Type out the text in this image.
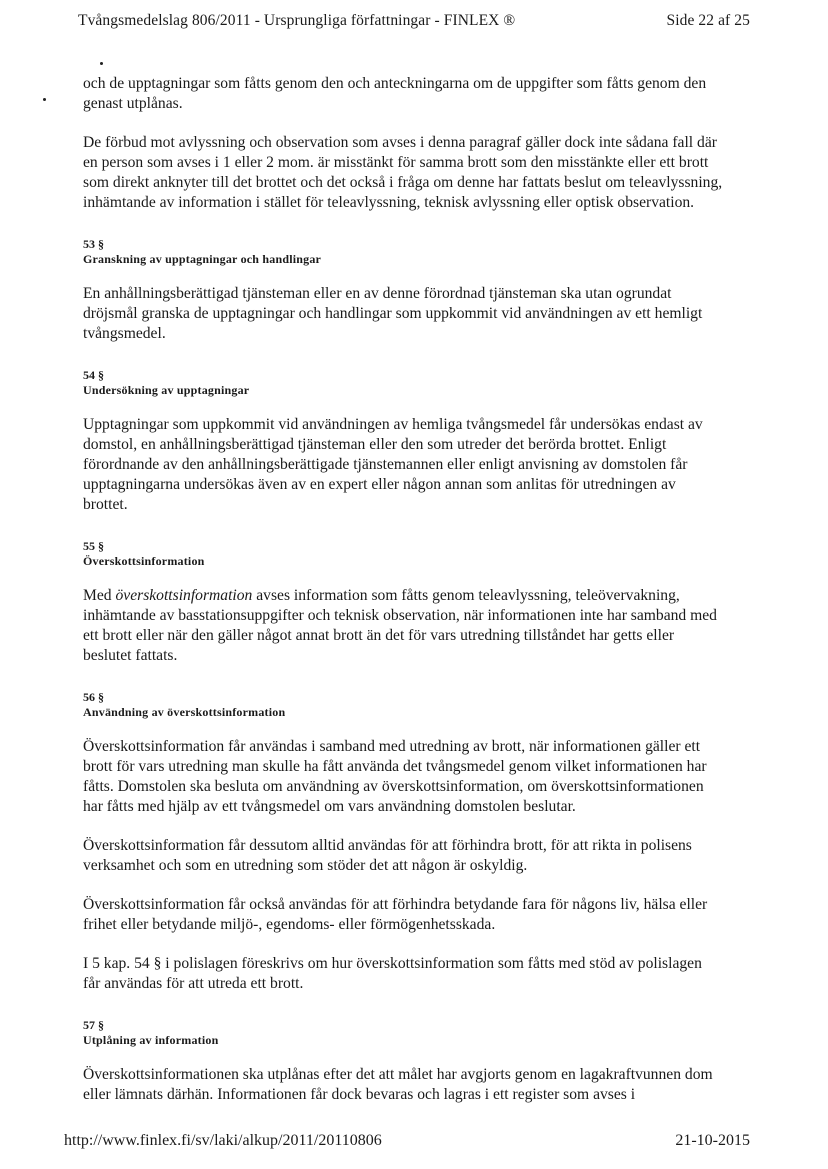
Tvångsmedelslag 806/2011 - Ursprungliga författningar - FINLEX ®	Side 22 af 25

och de upptagningar som fåtts genom den och anteckningarna om de uppgifter som fåtts genom den genast utplånas.

De förbud mot avlyssning och observation som avses i denna paragraf gäller dock inte sådana fall där en person som avses i 1 eller 2 mom. är misstänkt för samma brott som den misstänkte eller ett brott som direkt anknyter till det brottet och det också i fråga om denne har fattats beslut om teleavlyssning, inhämtande av information i stället för teleavlyssning, teknisk avlyssning eller optisk observation.

53 §
Granskning av upptagningar och handlingar

En anhållningsberättigad tjänsteman eller en av denne förordnad tjänsteman ska utan ogrundat dröjsmål granska de upptagningar och handlingar som uppkommit vid användningen av ett hemligt tvångsmedel.

54 §
Undersökning av upptagningar

Upptagningar som uppkommit vid användningen av hemliga tvångsmedel får undersökas endast av domstol, en anhållningsberättigad tjänsteman eller den som utreder det berörda brottet. Enligt förordnande av den anhållningsberättigade tjänstemannen eller enligt anvisning av domstolen får upptagningarna undersökas även av en expert eller någon annan som anlitas för utredningen av brottet.

55 §
Överskottsinformation

Med överskottsinformation avses information som fåtts genom teleavlyssning, teleövervakning, inhämtande av basstationsuppgifter och teknisk observation, när informationen inte har samband med ett brott eller när den gäller något annat brott än det för vars utredning tillståndet har getts eller beslutet fattats.

56 §
Användning av överskottsinformation

Överskottsinformation får användas i samband med utredning av brott, när informationen gäller ett brott för vars utredning man skulle ha fått använda det tvångsmedel genom vilket informationen har fåtts. Domstolen ska besluta om användning av överskottsinformation, om överskottsinformationen har fåtts med hjälp av ett tvångsmedel om vars användning domstolen beslutar.

Överskottsinformation får dessutom alltid användas för att förhindra brott, för att rikta in polisens verksamhet och som en utredning som stöder det att någon är oskyldig.

Överskottsinformation får också användas för att förhindra betydande fara för någons liv, hälsa eller frihet eller betydande miljö-, egendoms- eller förmögenhetsskada.

I 5 kap. 54 § i polislagen föreskrivs om hur överskottsinformation som fåtts med stöd av polislagen får användas för att utreda ett brott.

57 §
Utplåning av information

Överskottsinformationen ska utplånas efter det att målet har avgjorts genom en lagakraftvunnen dom eller lämnats därhän. Informationen får dock bevaras och lagras i ett register som avses i

http://www.finlex.fi/sv/laki/alkup/2011/20110806	21-10-2015
